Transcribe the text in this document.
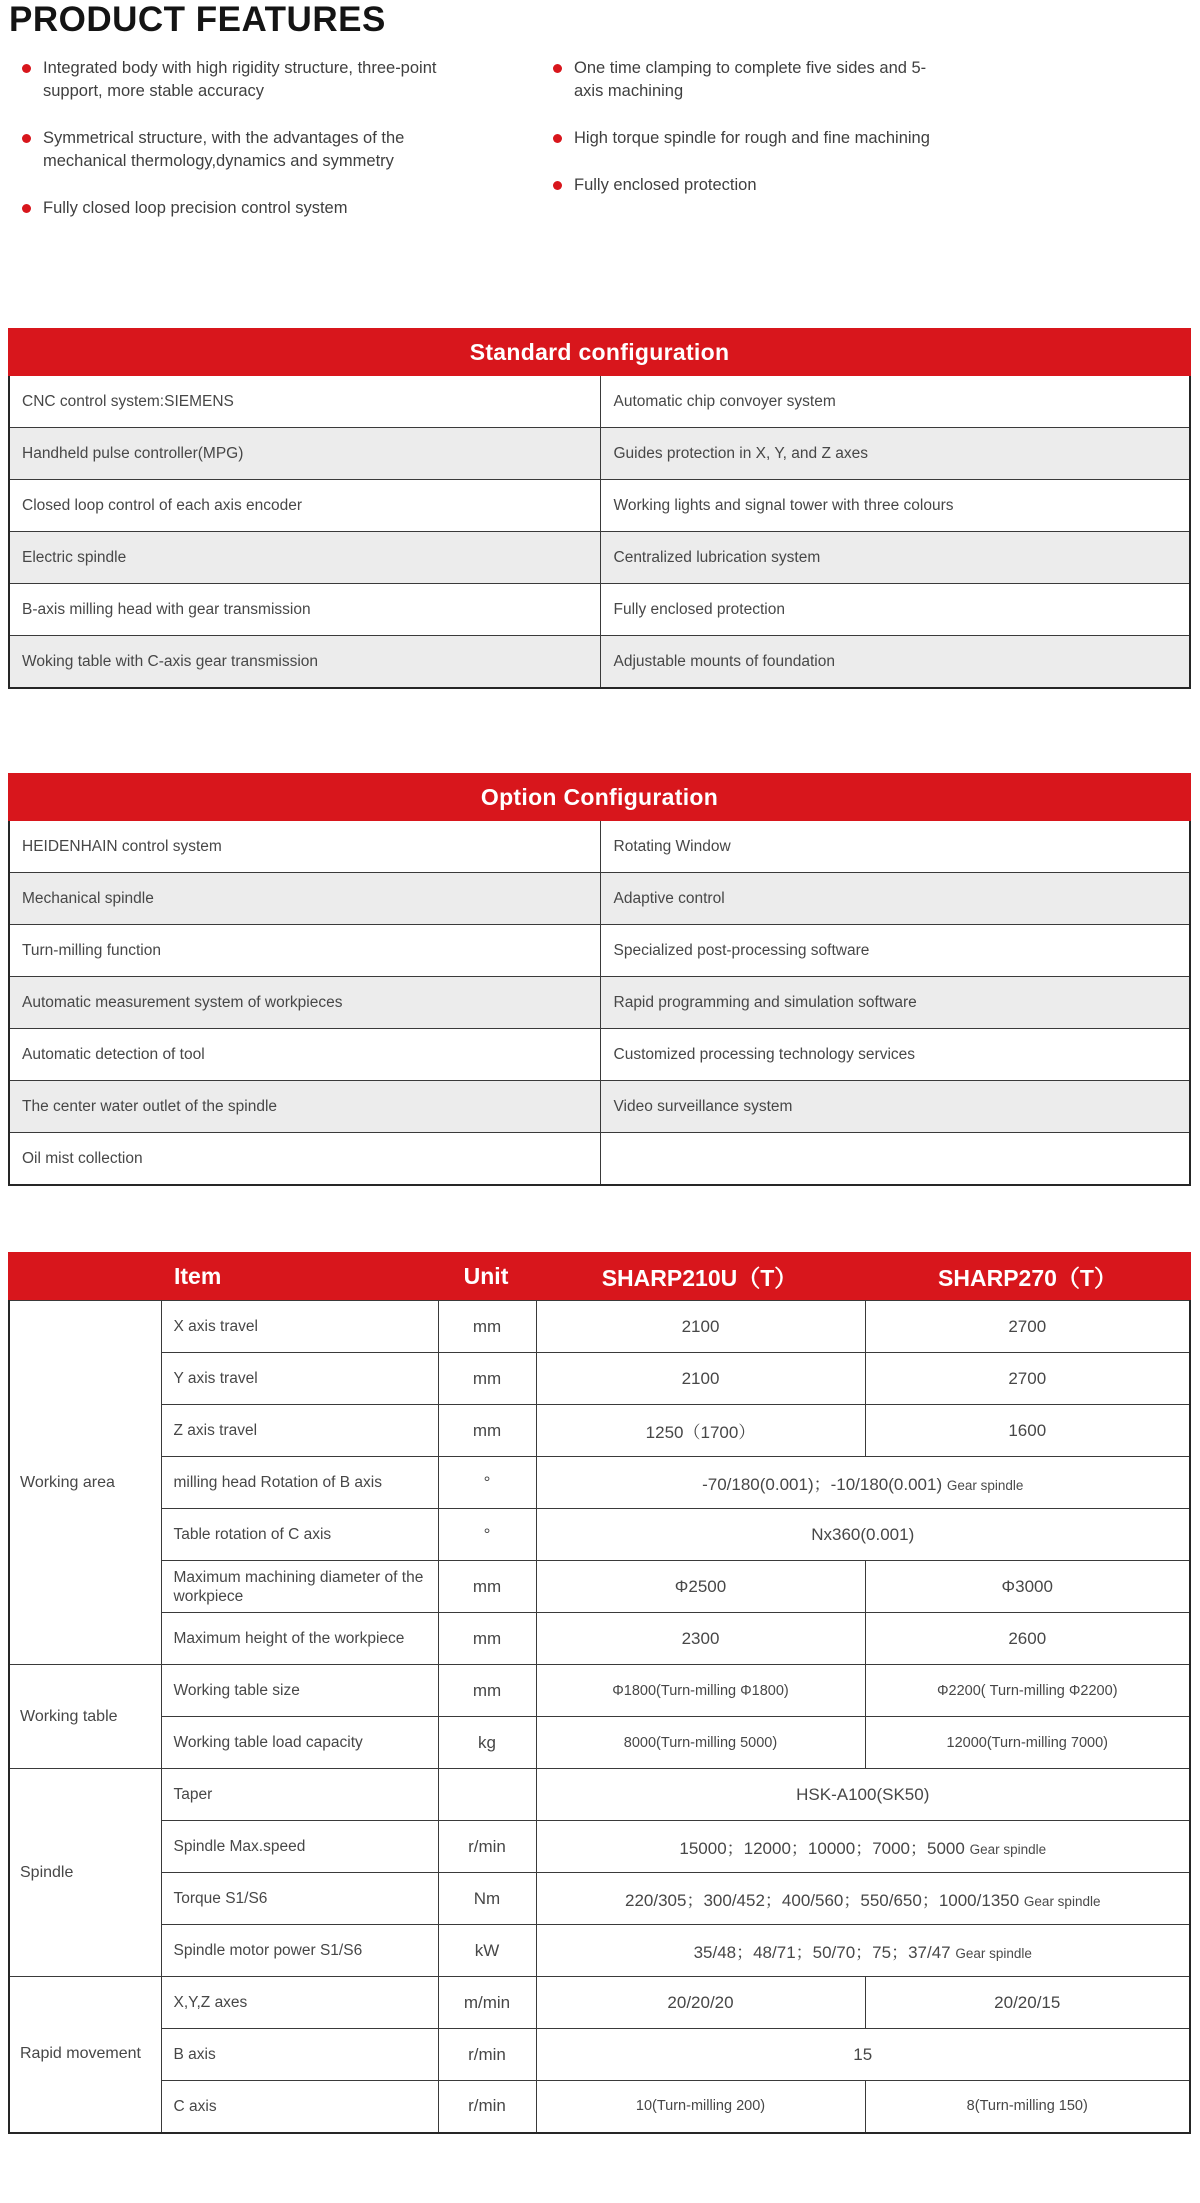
PRODUCT FEATURES
Integrated body with high rigidity structure, three-point support, more stable accuracy
Symmetrical structure, with the advantages of the mechanical thermology,dynamics and symmetry
Fully closed loop precision control system
One time clamping to complete five sides and 5-axis machining
High torque spindle for rough and fine machining
Fully enclosed protection
Standard configuration
CNC control system:SIEMENS	Automatic chip convoyer system
Handheld pulse controller(MPG)	Guides protection in X, Y, and Z axes
Closed loop control of each axis encoder	Working lights and signal tower with three colours
Electric spindle	Centralized lubrication system
B-axis milling head with gear transmission	Fully enclosed protection
Woking table with C-axis gear transmission	Adjustable mounts of foundation
Option Configuration
HEIDENHAIN control system	Rotating Window
Mechanical spindle	Adaptive control
Turn-milling function	Specialized post-processing software
Automatic measurement system of workpieces	Rapid programming and simulation software
Automatic detection of tool	Customized processing technology services
The center water outlet of the spindle	Video surveillance system
Oil mist collection
Item	Unit	SHARP210U（T）	SHARP270（T）
Working area	X axis travel	mm	2100	2700
	Y axis travel	mm	2100	2700
	Z axis travel	mm	1250（1700）	1600
	milling head Rotation of B axis	°	-70/180(0.001)；-10/180(0.001) Gear spindle	
	Table rotation of C axis	°	Nx360(0.001)	
	Maximum machining diameter of the workpiece	mm	Φ2500	Φ3000
	Maximum height of the workpiece	mm	2300	2600
Working table	Working table size	mm	Φ1800(Turn-milling Φ1800)	Φ2200( Turn-milling Φ2200)
	Working table load capacity	kg	8000(Turn-milling 5000)	12000(Turn-milling 7000)
Spindle	Taper		HSK-A100(SK50)	
	Spindle Max.speed	r/min	15000；12000；10000；7000；5000 Gear spindle	
	Torque S1/S6	Nm	220/305；300/452；400/560；550/650；1000/1350 Gear spindle	
	Spindle motor power S1/S6	kW	35/48；48/71；50/70；75；37/47 Gear spindle	
Rapid movement	X,Y,Z axes	m/min	20/20/20	20/20/15
	B axis	r/min	15	
	C axis	r/min	10(Turn-milling 200)	8(Turn-milling 150)
